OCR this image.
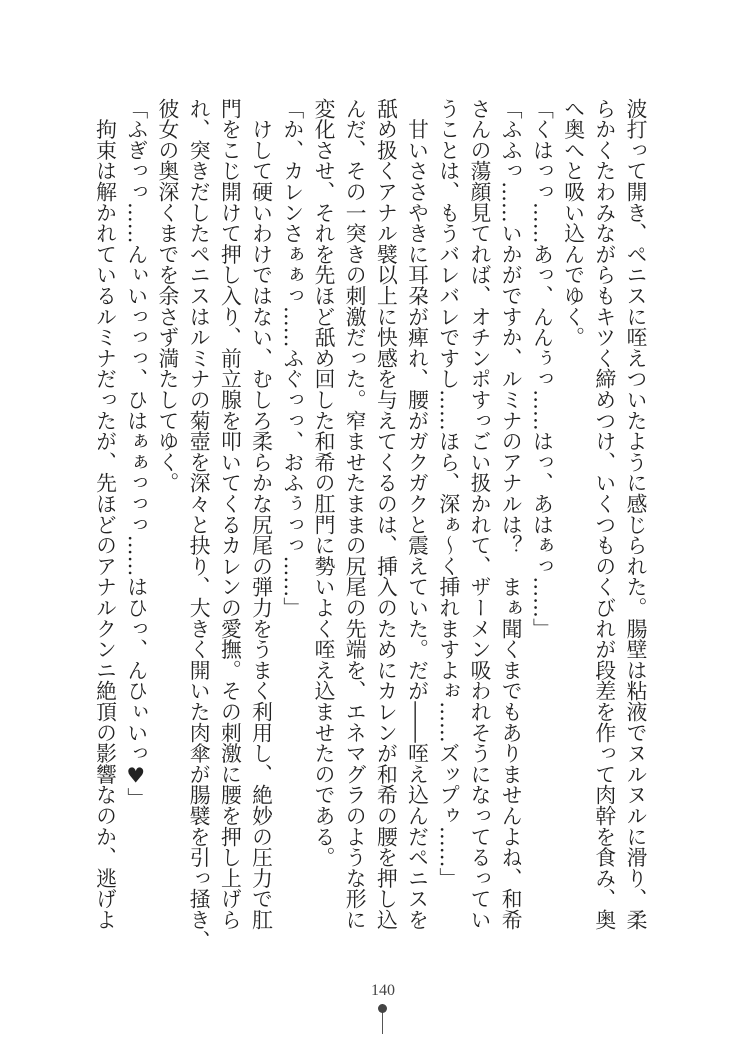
波打って開き、ペニスに咥えついたように感じられた。腸壁は粘液でヌルヌルに滑り、柔
らかくたわみながらもキツく締めつけ、いくつものくびれが段差を作って肉幹を食み、奥
へ奥へと吸い込んでゆく。
「くはっっ……あっ、んんぅっ……はっ、あはぁっ……」
「ふふっ……いかがですか、ルミナのアナルは？　まぁ聞くまでもありませんよね、和希
さんの蕩顔見てれば、オチンポすっごい扱かれて、ザーメン吸われそうになってるってい
うことは、もうバレバレですし……ほら、深ぁ～く挿れますよぉ……ズップゥ……」
　甘いささやきに耳朶が痺れ、腰がガクガクと震えていた。だが――咥え込んだペニスを
舐め扱くアナル襞以上に快感を与えてくるのは、挿入のためにカレンが和希の腰を押し込
んだ、その一突きの刺激だった。窄ませたままの尻尾の先端を、エネマグラのような形に
変化させ、それを先ほど舐め回した和希の肛門に勢いよく咥え込ませたのである。
「か、カレンさぁぁっ……ふぐっっ、おふぅっっ……」
　けして硬いわけではない、むしろ柔らかな尻尾の弾力をうまく利用し、絶妙の圧力で肛
門をこじ開けて押し入り、前立腺を叩いてくるカレンの愛撫。その刺激に腰を押し上げら
れ、突きだしたペニスはルミナの菊壺を深々と抉り、大きく開いた肉傘が腸襞を引っ掻き、
彼女の奥深くまでを余さず満たしてゆく。
「ふぎっっ……んぃいっっっ、ひはぁぁっっっ……はひっ、んひぃいっ♥」
　拘束は解かれているルミナだったが、先ほどのアナルクンニ絶頂の影響なのか、逃げよ
140
